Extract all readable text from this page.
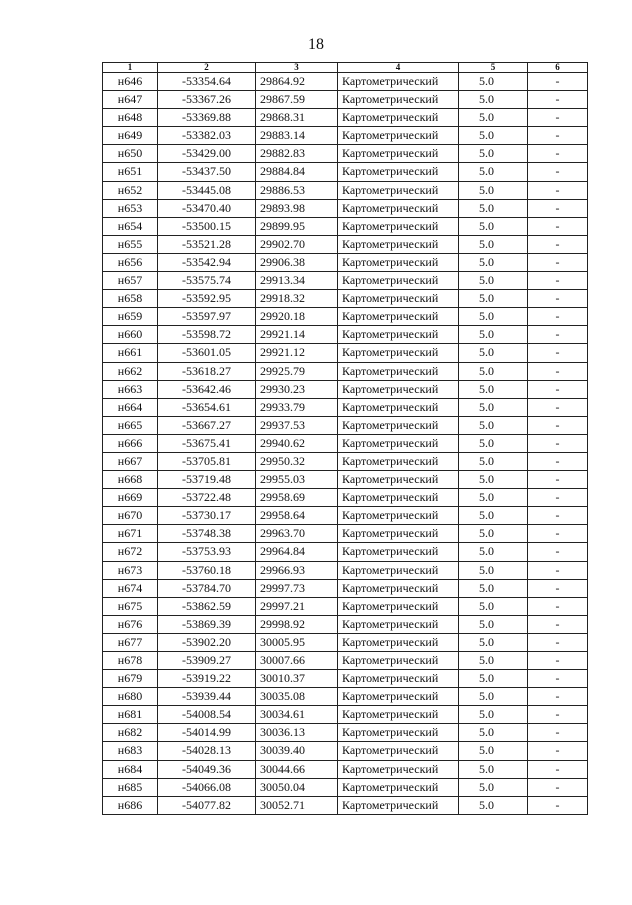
18
1	2	3	4	5	6
н646	-53354.64	29864.92	Картометрический	5.0	-
н647	-53367.26	29867.59	Картометрический	5.0	-
н648	-53369.88	29868.31	Картометрический	5.0	-
н649	-53382.03	29883.14	Картометрический	5.0	-
н650	-53429.00	29882.83	Картометрический	5.0	-
н651	-53437.50	29884.84	Картометрический	5.0	-
н652	-53445.08	29886.53	Картометрический	5.0	-
н653	-53470.40	29893.98	Картометрический	5.0	-
н654	-53500.15	29899.95	Картометрический	5.0	-
н655	-53521.28	29902.70	Картометрический	5.0	-
н656	-53542.94	29906.38	Картометрический	5.0	-
н657	-53575.74	29913.34	Картометрический	5.0	-
н658	-53592.95	29918.32	Картометрический	5.0	-
н659	-53597.97	29920.18	Картометрический	5.0	-
н660	-53598.72	29921.14	Картометрический	5.0	-
н661	-53601.05	29921.12	Картометрический	5.0	-
н662	-53618.27	29925.79	Картометрический	5.0	-
н663	-53642.46	29930.23	Картометрический	5.0	-
н664	-53654.61	29933.79	Картометрический	5.0	-
н665	-53667.27	29937.53	Картометрический	5.0	-
н666	-53675.41	29940.62	Картометрический	5.0	-
н667	-53705.81	29950.32	Картометрический	5.0	-
н668	-53719.48	29955.03	Картометрический	5.0	-
н669	-53722.48	29958.69	Картометрический	5.0	-
н670	-53730.17	29958.64	Картометрический	5.0	-
н671	-53748.38	29963.70	Картометрический	5.0	-
н672	-53753.93	29964.84	Картометрический	5.0	-
н673	-53760.18	29966.93	Картометрический	5.0	-
н674	-53784.70	29997.73	Картометрический	5.0	-
н675	-53862.59	29997.21	Картометрический	5.0	-
н676	-53869.39	29998.92	Картометрический	5.0	-
н677	-53902.20	30005.95	Картометрический	5.0	-
н678	-53909.27	30007.66	Картометрический	5.0	-
н679	-53919.22	30010.37	Картометрический	5.0	-
н680	-53939.44	30035.08	Картометрический	5.0	-
н681	-54008.54	30034.61	Картометрический	5.0	-
н682	-54014.99	30036.13	Картометрический	5.0	-
н683	-54028.13	30039.40	Картометрический	5.0	-
н684	-54049.36	30044.66	Картометрический	5.0	-
н685	-54066.08	30050.04	Картометрический	5.0	-
н686	-54077.82	30052.71	Картометрический	5.0	-
